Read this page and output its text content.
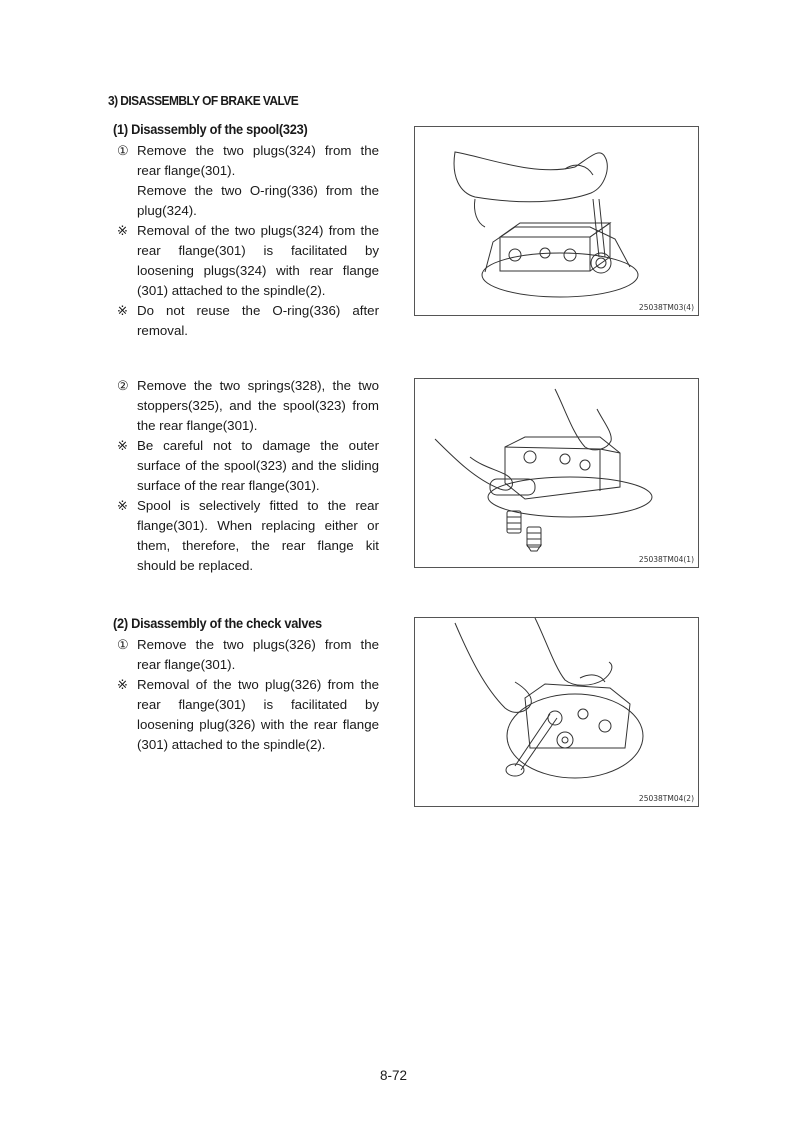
3) DISASSEMBLY OF BRAKE VALVE
(1) Disassembly of the spool(323)
① Remove the two plugs(324) from the rear flange(301).
Remove the two O-ring(336) from the plug(324).
※ Removal of the two plugs(324) from the rear flange(301) is facilitated by loosening plugs(324) with rear flange (301) attached to the spindle(2).
※ Do not reuse the O-ring(336) after removal.
② Remove the two springs(328), the two stoppers(325), and the spool(323) from the rear flange(301).
※ Be careful not to damage the outer surface of the spool(323) and the sliding surface of the rear flange(301).
※ Spool is selectively fitted to the rear flange(301). When replacing either or them, therefore, the rear flange kit should be replaced.
(2) Disassembly of the check valves
① Remove the two plugs(326) from the rear flange(301).
※ Removal of the two plug(326) from the rear flange(301) is facilitated by loosening plug(326) with the rear flange (301) attached to the spindle(2).
25038TM03(4)
25038TM04(1)
25038TM04(2)
8-72
